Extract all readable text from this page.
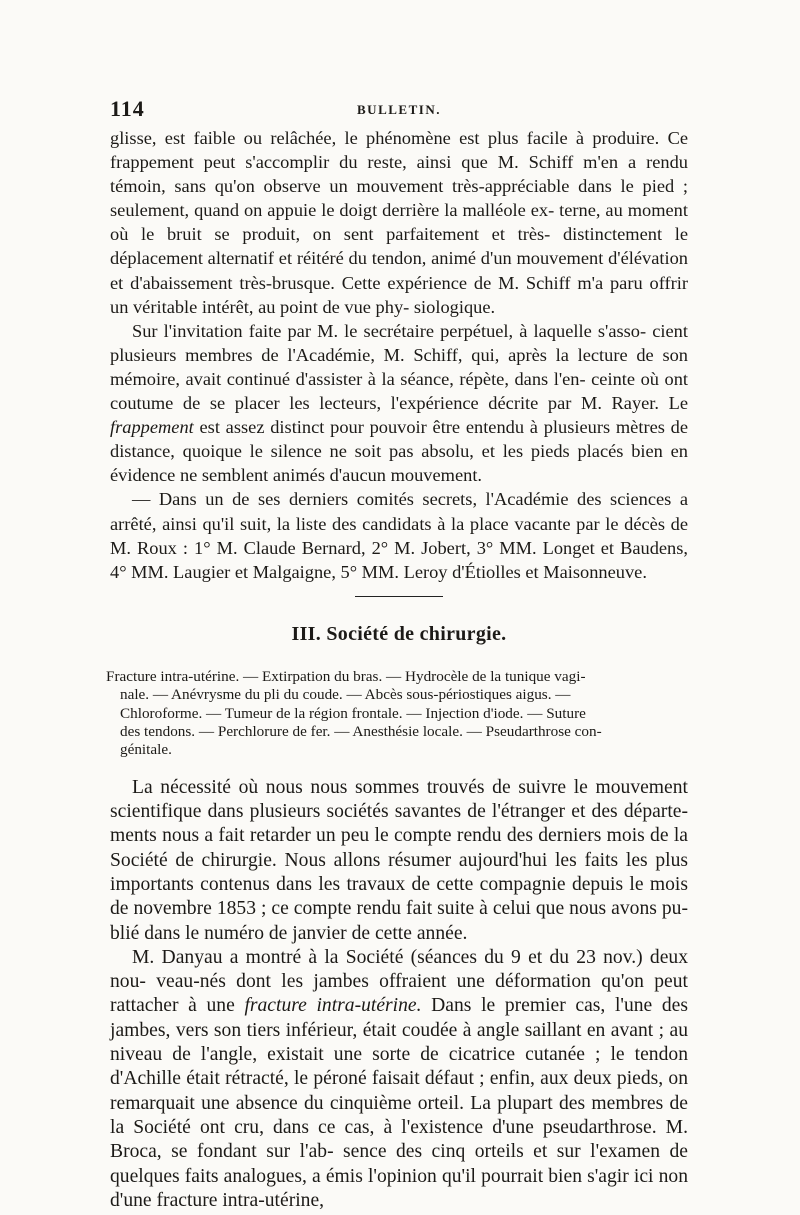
114	BULLETIN.

glisse, est faible ou relâchée, le phénomène est plus facile à produire. Ce frappement peut s'accomplir du reste, ainsi que M. Schiff m'en a rendu témoin, sans qu'on observe un mouvement très-appréciable dans le pied ; seulement, quand on appuie le doigt derrière la malléole ex- terne, au moment où le bruit se produit, on sent parfaitement et très- distinctement le déplacement alternatif et réitéré du tendon, animé d'un mouvement d'élévation et d'abaissement très-brusque. Cette expérience de M. Schiff m'a paru offrir un véritable intérêt, au point de vue phy- siologique.

Sur l'invitation faite par M. le secrétaire perpétuel, à laquelle s'asso- cient plusieurs membres de l'Académie, M. Schiff, qui, après la lecture de son mémoire, avait continué d'assister à la séance, répète, dans l'en- ceinte où ont coutume de se placer les lecteurs, l'expérience décrite par M. Rayer. Le frappement est assez distinct pour pouvoir être entendu à plusieurs mètres de distance, quoique le silence ne soit pas absolu, et les pieds placés bien en évidence ne semblent animés d'aucun mouvement.

— Dans un de ses derniers comités secrets, l'Académie des sciences a arrêté, ainsi qu'il suit, la liste des candidats à la place vacante par le décès de M. Roux : 1° M. Claude Bernard, 2° M. Jobert, 3° MM. Longet et Baudens, 4° MM. Laugier et Malgaigne, 5° MM. Leroy d'Étiolles et Maisonneuve.

III. Société de chirurgie.

Fracture intra-utérine. — Extirpation du bras. — Hydrocèle de la tunique vagi-

nale. — Anévrysme du pli du coude. — Abcès sous-périostiques aigus. —

Chloroforme. — Tumeur de la région frontale. — Injection d'iode. — Suture

des tendons. — Perchlorure de fer. — Anesthésie locale. — Pseudarthrose con-

génitale.

La nécessité où nous nous sommes trouvés de suivre le mouvement scientifique dans plusieurs sociétés savantes de l'étranger et des départe- ments nous a fait retarder un peu le compte rendu des derniers mois de la Société de chirurgie. Nous allons résumer aujourd'hui les faits les plus importants contenus dans les travaux de cette compagnie depuis le mois de novembre 1853 ; ce compte rendu fait suite à celui que nous avons pu- blié dans le numéro de janvier de cette année.

M. Danyau a montré à la Société (séances du 9 et du 23 nov.) deux nou- veau-nés dont les jambes offraient une déformation qu'on peut rattacher à une fracture intra-utérine. Dans le premier cas, l'une des jambes, vers son tiers inférieur, était coudée à angle saillant en avant ; au niveau de l'angle, existait une sorte de cicatrice cutanée ; le tendon d'Achille était rétracté, le péroné faisait défaut ; enfin, aux deux pieds, on remarquait une absence du cinquième orteil. La plupart des membres de la Société ont cru, dans ce cas, à l'existence d'une pseudarthrose. M. Broca, se fondant sur l'ab- sence des cinq orteils et sur l'examen de quelques faits analogues, a émis l'opinion qu'il pourrait bien s'agir ici non d'une fracture intra-utérine,
